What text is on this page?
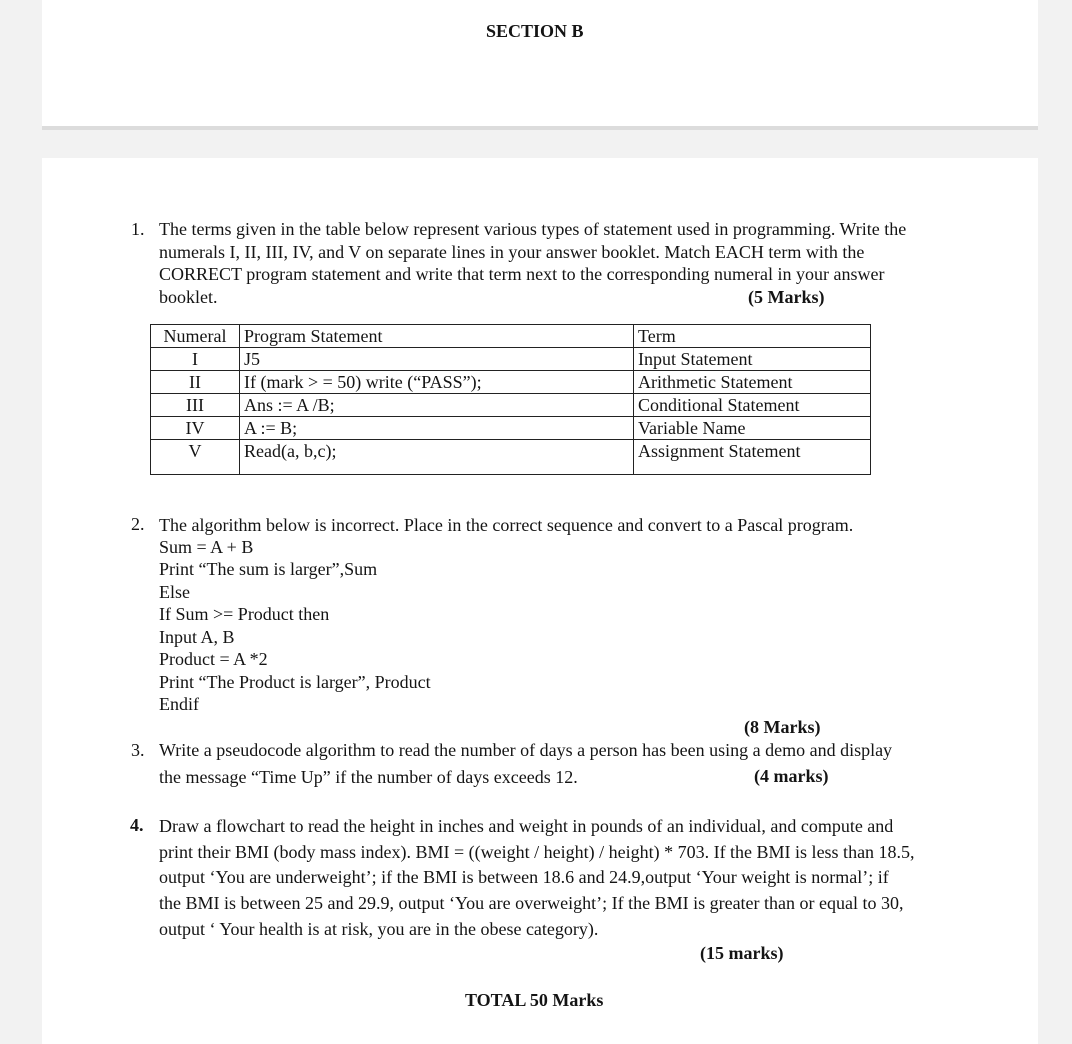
SECTION B
1. The terms given in the table below represent various types of statement used in programming. Write the
numerals I, II, III, IV, and V on separate lines in your answer booklet. Match EACH term with the
CORRECT program statement and write that term next to the corresponding numeral in your answer
booklet.	(5 Marks)
Numeral	Program Statement	Term
I	J5	Input Statement
II	If (mark > = 50) write (“PASS”);	Arithmetic Statement
III	Ans := A /B;	Conditional Statement
IV	A := B;	Variable Name
V	Read(a, b,c);	Assignment Statement
2. The algorithm below is incorrect. Place in the correct sequence and convert to a Pascal program.
Sum = A + B
Print “The sum is larger”,Sum
Else
If Sum >= Product then
Input A, B
Product = A *2
Print “The Product is larger”, Product
Endif
(8 Marks)
3. Write a pseudocode algorithm to read the number of days a person has been using a demo and display
the message “Time Up” if the number of days exceeds 12.	(4 marks)
4. Draw a flowchart to read the height in inches and weight in pounds of an individual, and compute and
print their BMI (body mass index). BMI = ((weight / height) / height) * 703. If the BMI is less than 18.5,
output ‘You are underweight’; if the BMI is between 18.6 and 24.9,output ‘Your weight is normal’; if
the BMI is between 25 and 29.9, output ‘You are overweight’; If the BMI is greater than or equal to 30,
output ‘ Your health is at risk, you are in the obese category).
(15 marks)
TOTAL 50 Marks
